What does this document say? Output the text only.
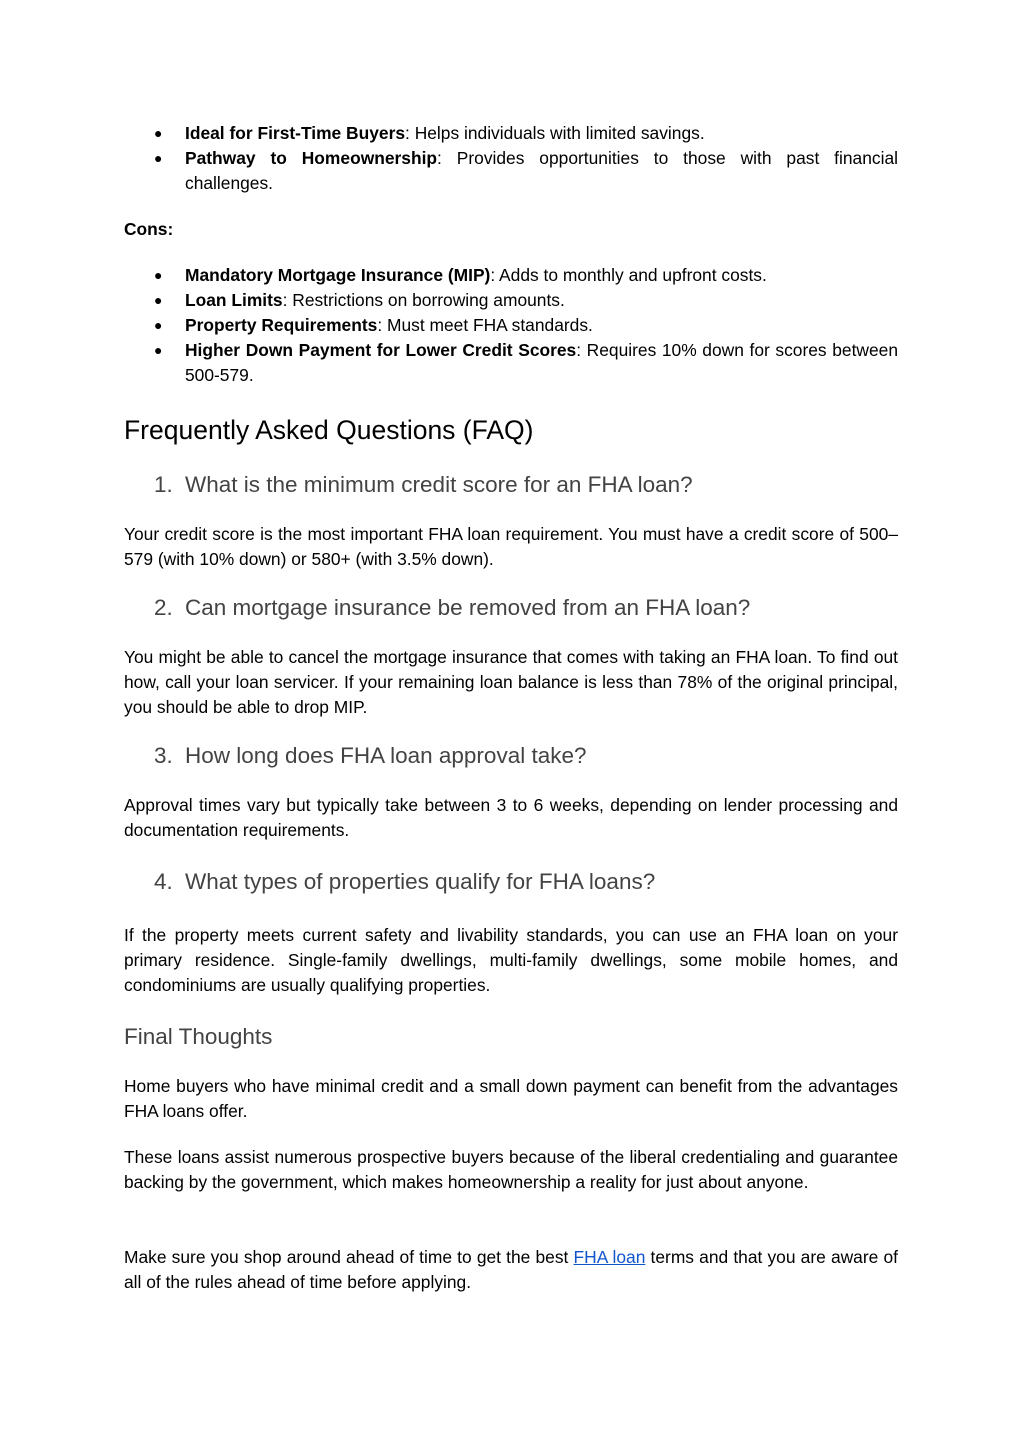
● Ideal for First-Time Buyers: Helps individuals with limited savings.
● Pathway to Homeownership: Provides opportunities to those with past financial challenges.

Cons:

● Mandatory Mortgage Insurance (MIP): Adds to monthly and upfront costs.
● Loan Limits: Restrictions on borrowing amounts.
● Property Requirements: Must meet FHA standards.
● Higher Down Payment for Lower Credit Scores: Requires 10% down for scores between 500-579.
Frequently Asked Questions (FAQ)
1. What is the minimum credit score for an FHA loan?

Your credit score is the most important FHA loan requirement. You must have a credit score of 500–579 (with 10% down) or 580+ (with 3.5% down).

2. Can mortgage insurance be removed from an FHA loan?

You might be able to cancel the mortgage insurance that comes with taking an FHA loan. To find out how, call your loan servicer. If your remaining loan balance is less than 78% of the original principal, you should be able to drop MIP.

3. How long does FHA loan approval take?

Approval times vary but typically take between 3 to 6 weeks, depending on lender processing and documentation requirements.

4. What types of properties qualify for FHA loans?

If the property meets current safety and livability standards, you can use an FHA loan on your primary residence. Single-family dwellings, multi-family dwellings, some mobile homes, and condominiums are usually qualifying properties.

Final Thoughts

Home buyers who have minimal credit and a small down payment can benefit from the advantages FHA loans offer.

These loans assist numerous prospective buyers because of the liberal credentialing and guarantee backing by the government, which makes homeownership a reality for just about anyone.

Make sure you shop around ahead of time to get the best FHA loan terms and that you are aware of all of the rules ahead of time before applying.
